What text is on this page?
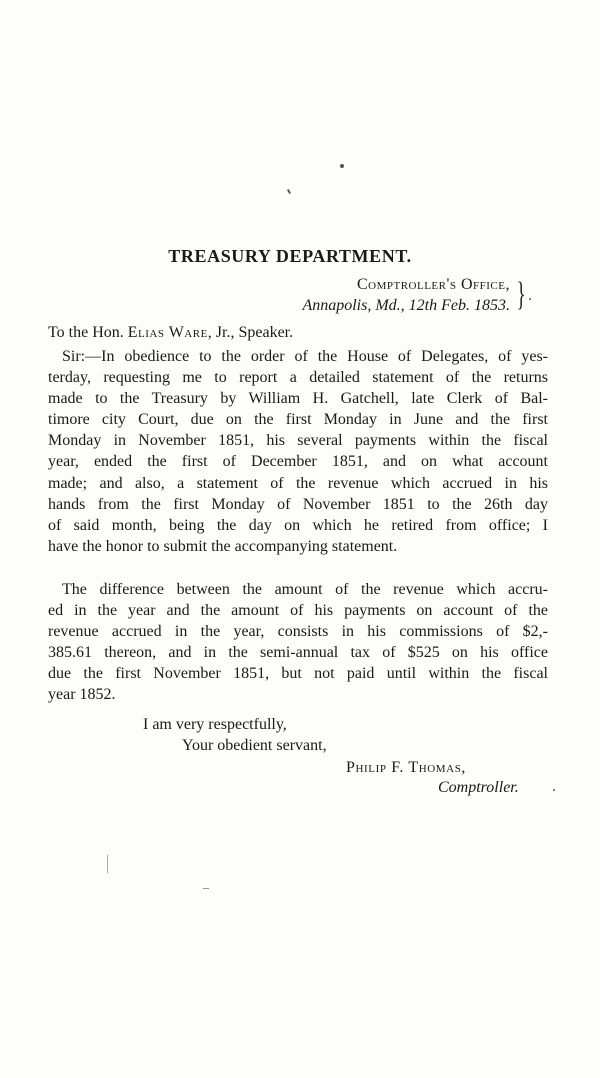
TREASURY DEPARTMENT.
Comptroller's Office,
Annapolis, Md., 12th Feb. 1853. }
To the Hon. Elias Ware, Jr., Speaker.
Sir:—In obedience to the order of the House of Delegates, of yes-
terday, requesting me to report a detailed statement of the returns
made to the Treasury by William H. Gatchell, late Clerk of Bal-
timore city Court, due on the first Monday in June and the first
Monday in November 1851, his several payments within the fiscal
year, ended the first of December 1851, and on what account
made; and also, a statement of the revenue which accrued in his
hands from the first Monday of November 1851 to the 26th day
of said month, being the day on which he retired from office; I
have the honor to submit the accompanying statement.
The difference between the amount of the revenue which accru-
ed in the year and the amount of his payments on account of the
revenue accrued in the year, consists in his commissions of $2,-
385.61 thereon, and in the semi-annual tax of $525 on his office
due the first November 1851, but not paid until within the fiscal
year 1852.
I am very respectfully,
Your obedient servant,
Philip F. Thomas,
Comptroller.
